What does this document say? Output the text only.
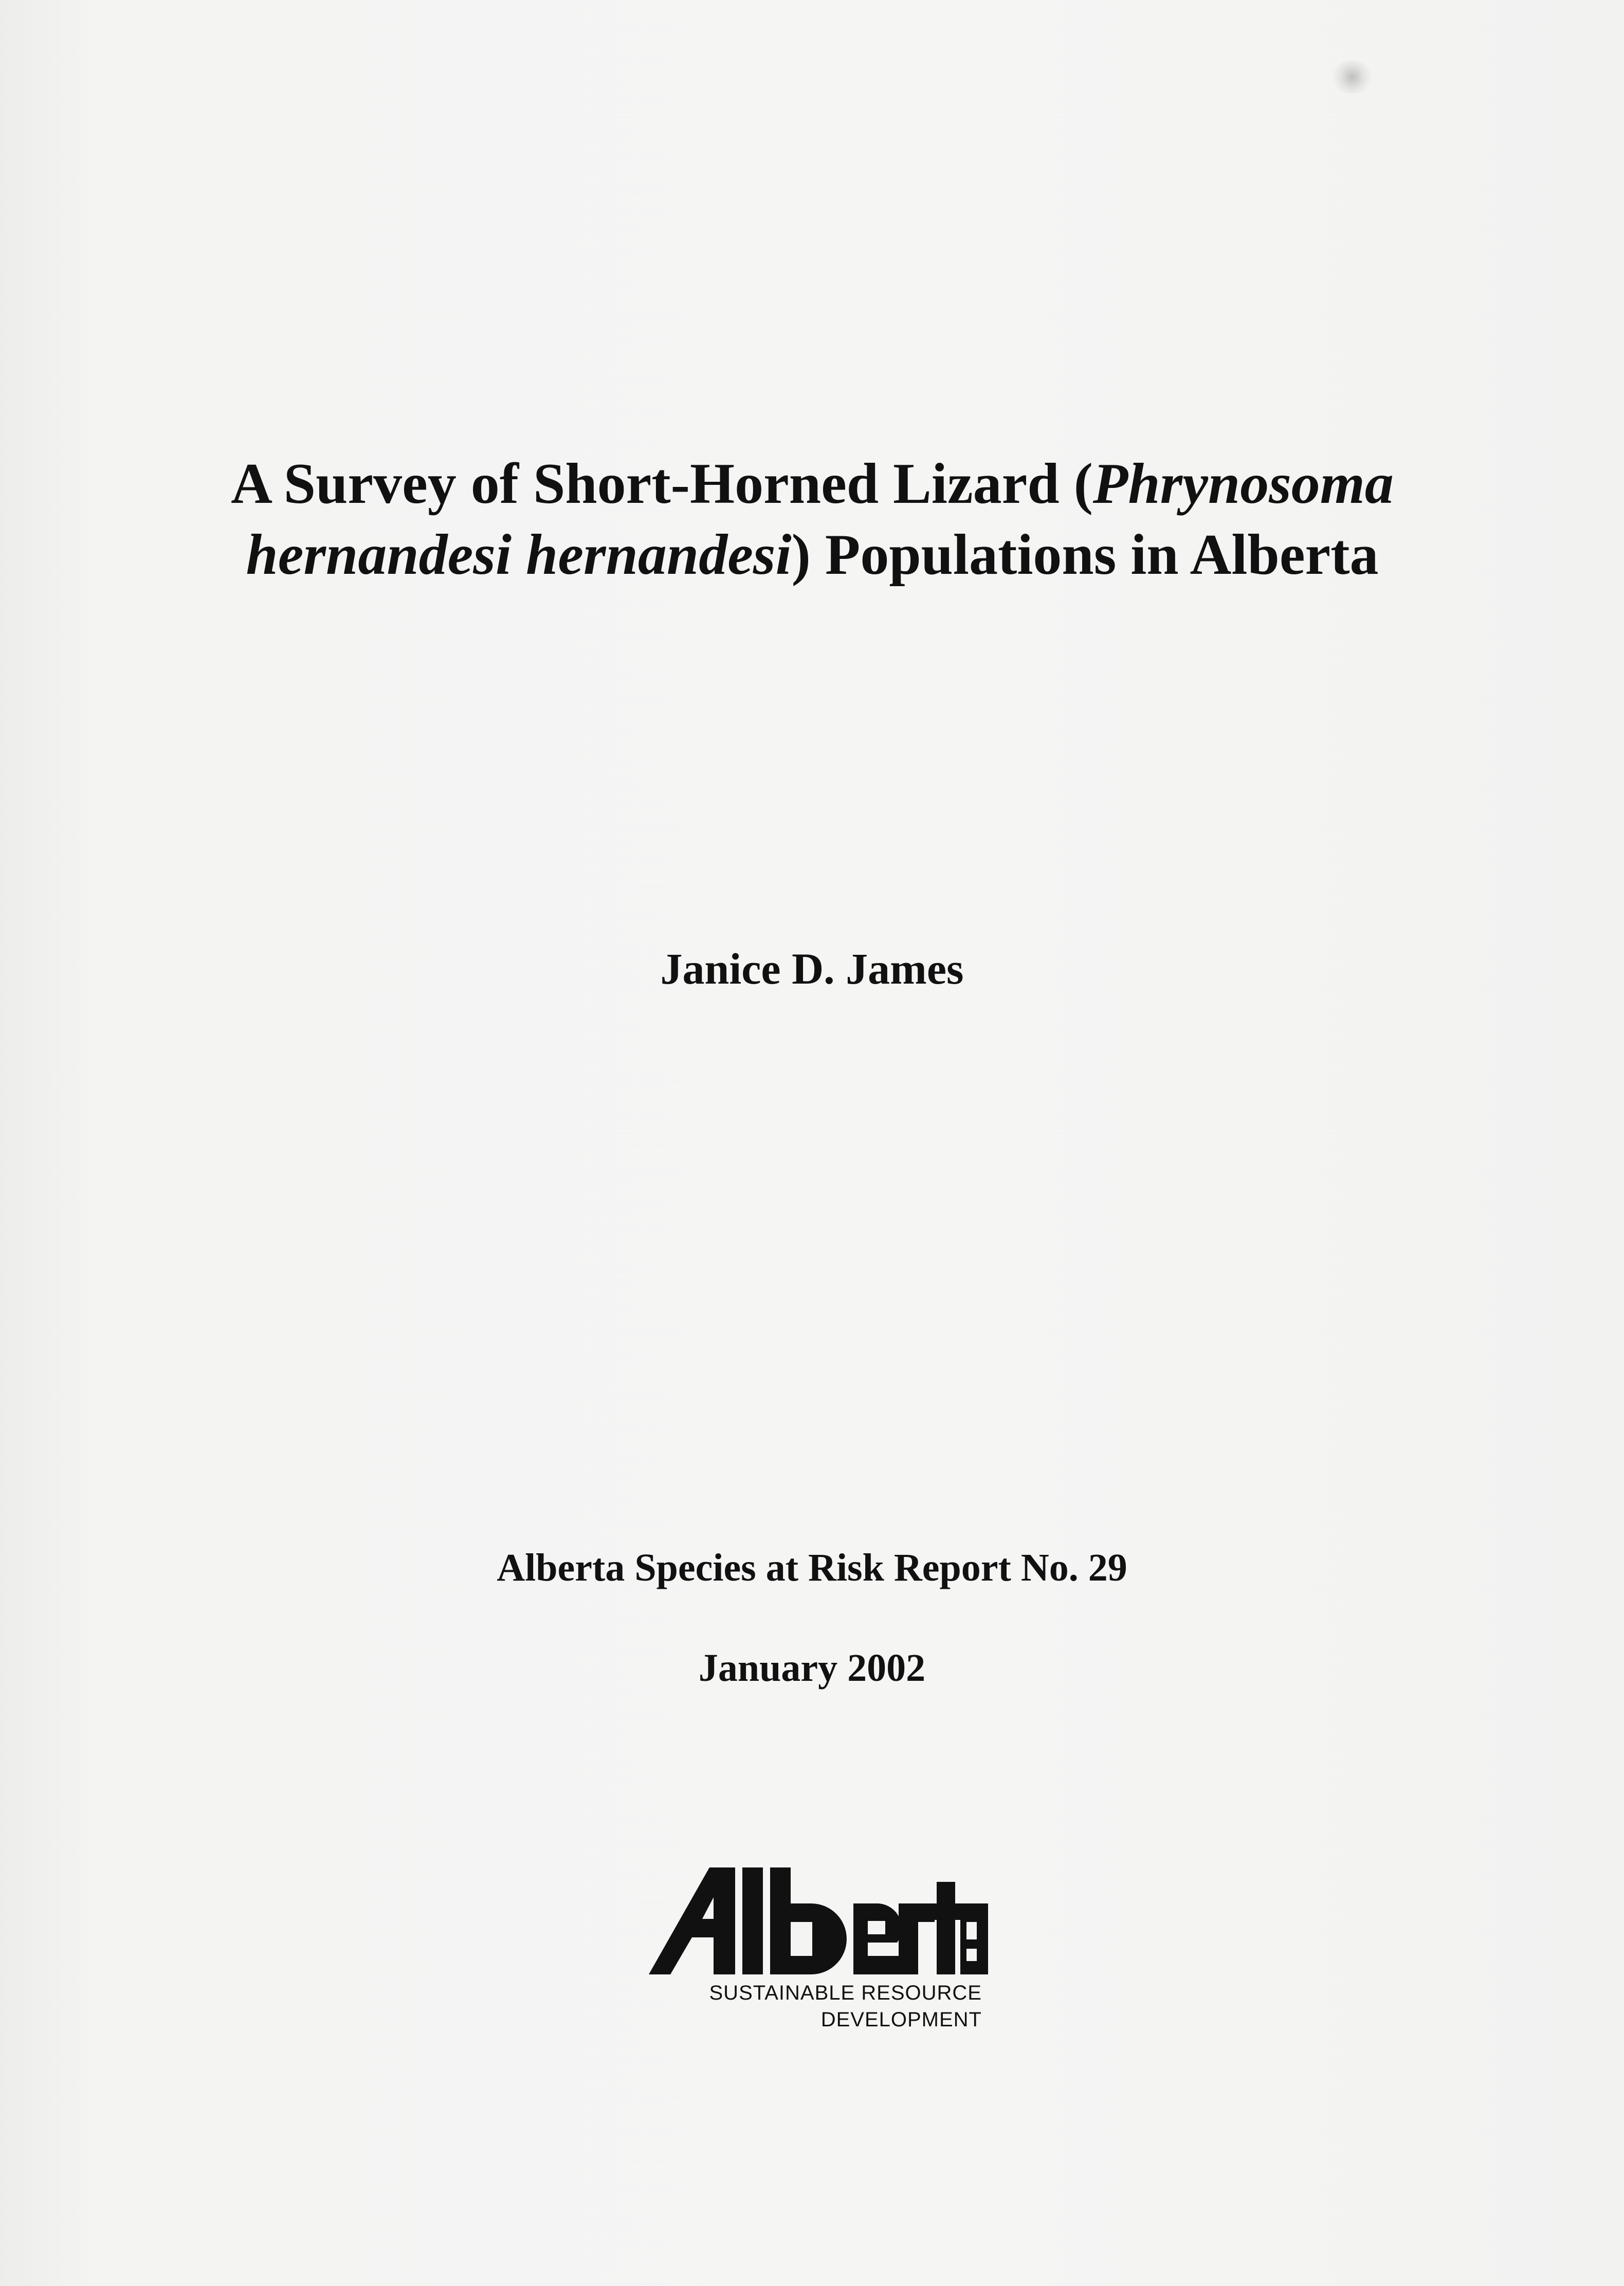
A Survey of Short-Horned Lizard (Phrynosoma
hernandesi hernandesi) Populations in Alberta

Janice D. James

Alberta Species at Risk Report No. 29

January 2002

SUSTAINABLE RESOURCE
DEVELOPMENT
